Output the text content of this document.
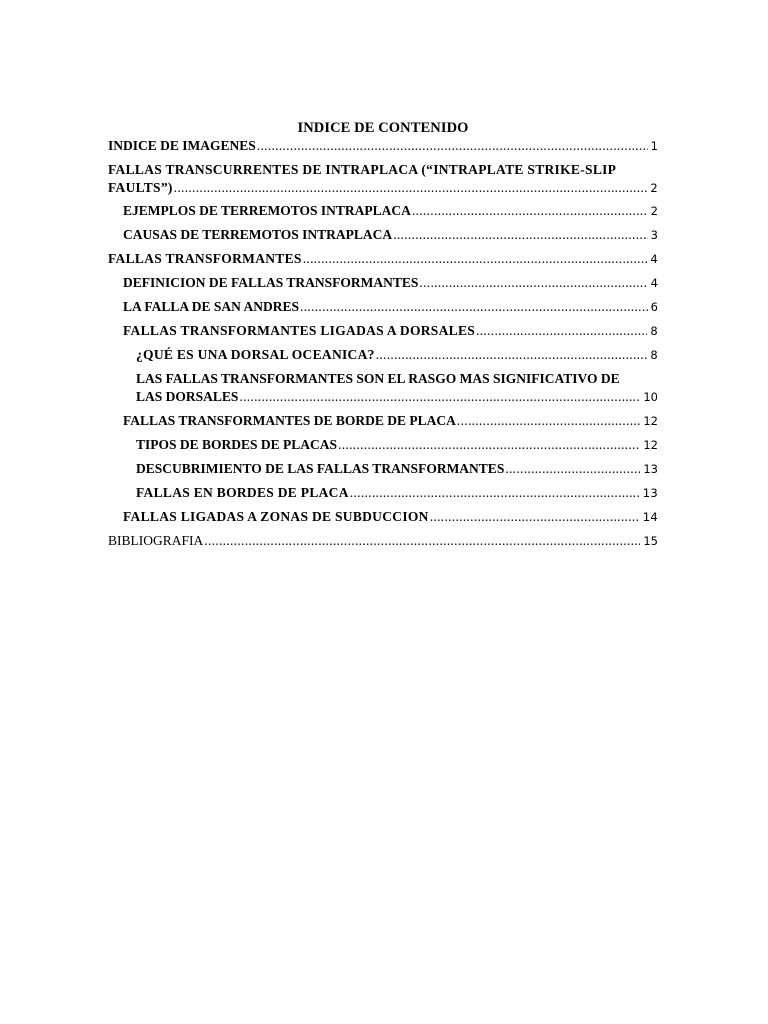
INDICE DE CONTENIDO
INDICE DE IMAGENES .....	1
FALLAS TRANSCURRENTES DE INTRAPLACA (“INTRAPLATE STRIKE-SLIP
FAULTS”) .....	2
EJEMPLOS DE TERREMOTOS INTRAPLACA .....	2
CAUSAS DE TERREMOTOS INTRAPLACA .....	3
FALLAS TRANSFORMANTES .....	4
DEFINICION DE FALLAS TRANSFORMANTES .....	4
LA FALLA DE SAN ANDRES .....	6
FALLAS TRANSFORMANTES LIGADAS A DORSALES .....	8
¿QUÉ ES UNA DORSAL OCEANICA? .....	8
LAS FALLAS TRANSFORMANTES SON EL RASGO MAS SIGNIFICATIVO DE
LAS DORSALES .....	10
FALLAS TRANSFORMANTES DE BORDE DE PLACA .....	12
TIPOS DE BORDES DE PLACAS .....	12
DESCUBRIMIENTO DE LAS FALLAS TRANSFORMANTES .....	13
FALLAS EN BORDES DE PLACA .....	13
FALLAS LIGADAS A ZONAS DE SUBDUCCION .....	14
BIBLIOGRAFIA .....	15
